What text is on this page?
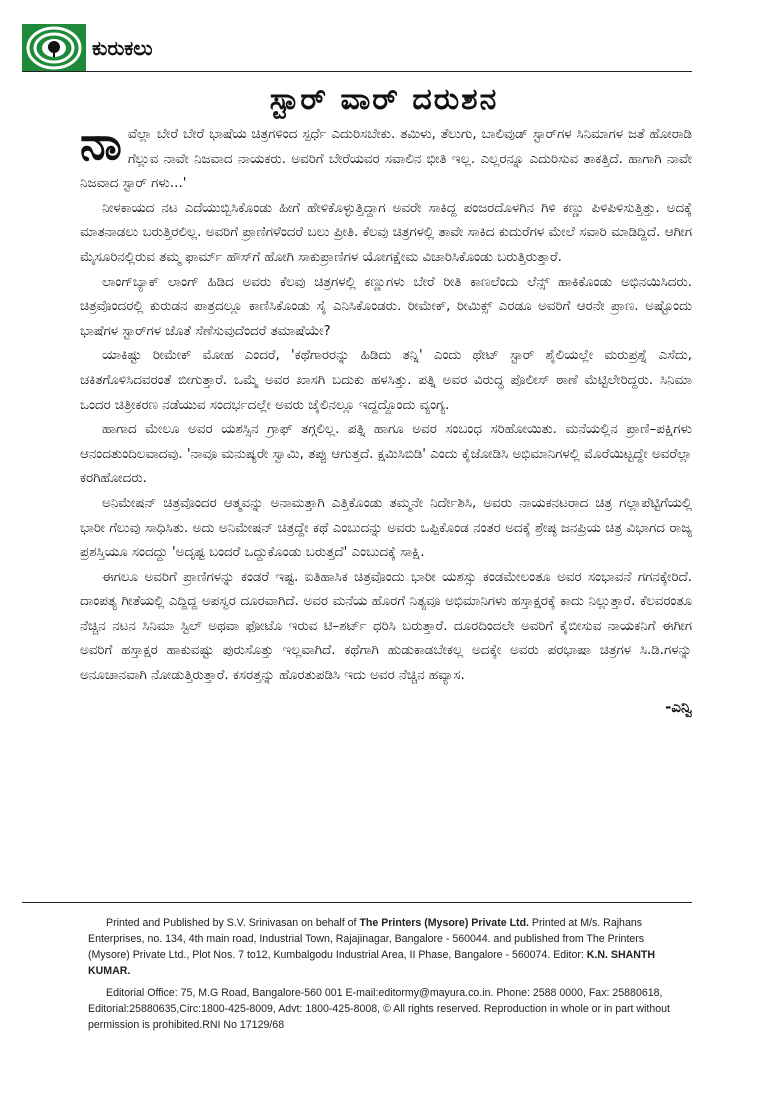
ಕುರುಕಲು
ಸ್ಟಾರ್ ವಾರ್ ದರುಶನ

ನಾವೆಲ್ಲಾ ಬೇರೆ ಬೇರೆ ಭಾಷೆಯ ಚಿತ್ರಗಳಿಂದ ಸ್ಪರ್ಧೆ ಎದುರಿಸಬೇಕು. ತಮಿಳು, ತೆಲುಗು, ಬಾಲಿವುಡ್ ಸ್ಟಾರ್‌ಗಳ ಸಿನಿಮಾಗಳ ಜತೆ ಹೋರಾಡಿ ಗೆಲ್ಲುವ ನಾವೇ ನಿಜವಾದ ನಾಯಕರು. ಅವರಿಗೆ ಬೇರೆಯವರ ಸವಾಲಿನ ಭೀತಿ ಇಲ್ಲ. ಎಲ್ಲರನ್ನೂ ಎದುರಿಸುವ ತಾಕತ್ತಿದೆ. ಹಾಗಾಗಿ ನಾವೇ ನಿಜವಾದ ಸ್ಟಾರ್ ಗಳು...'

ನೀಳಕಾಯದ ನಟ ಎದೆಯುಬ್ಬಿಸಿಕೊಂಡು ಹೀಗೆ ಹೇಳಿಕೊಳ್ಳುತ್ತಿದ್ದಾಗ ಅವರೇ ಸಾಕಿದ್ದ ಪಂಜರದೊಳಗಿನ ಗಿಳಿ ಕಣ್ಣು ಪಿಳಿಪಿಳಿಸುತ್ತಿತ್ತು. ಅದಕ್ಕೆ ಮಾತನಾಡಲು ಬರುತ್ತಿರಲಿಲ್ಲ. ಅವರಿಗೆ ಪ್ರಾಣಿಗಳೆಂದರೆ ಬಲು ಪ್ರೀತಿ. ಕೆಲವು ಚಿತ್ರಗಳಲ್ಲಿ ತಾವೇ ಸಾಕಿದ ಕುದುರೆಗಳ ಮೇಲೆ ಸವಾರಿ ಮಾಡಿದ್ದಿದೆ. ಆಗೀಗ ಮೈಸೂರಿನಲ್ಲಿರುವ ತಮ್ಮ ಫಾರ್ಮ್ ಹೌಸ್‌ಗೆ ಹೋಗಿ ಸಾಕುಪ್ರಾಣಿಗಳ ಯೋಗಕ್ಷೇಮ ವಿಚಾರಿಸಿಕೊಂಡು ಬರುತ್ತಿರುತ್ತಾರೆ.

ಲಾಂಗ್‌ಬ್ಯಾಕ್ ಲಾಂಗ್ ಹಿಡಿದ ಅವರು ಕೆಲವು ಚಿತ್ರಗಳಲ್ಲಿ ಕಣ್ಣುಗಳು ಬೇರೆ ರೀತಿ ಕಾಣಲೆಂದು ಲೆನ್ಸ್ ಹಾಕಿಕೊಂಡು ಅಭಿನಯಿಸಿದರು. ಚಿತ್ರವೊಂದರಲ್ಲಿ ಕುರುಡನ ಪಾತ್ರದಲ್ಲೂ ಕಾಣಿಸಿಕೊಂಡು ಸೈ ಎನಿಸಿಕೊಂಡರು. ರೀಮೇಕ್, ರೀಮಿಕ್ಸ್ ಎರಡೂ ಅವರಿಗೆ ಆರನೇ ಪ್ರಾಣ. ಅಷ್ಟೊಂದು ಭಾಷೆಗಳ ಸ್ಟಾರ್‌ಗಳ ಜೊತೆ ಸೆಣೆಸುವುದೆಂದರೆ ತಮಾಷೆಯೇ?

ಯಾಕಿಷ್ಟು ರೀಮೇಕ್ ಮೋಹ ಎಂದರೆ, 'ಕಥೆಗಾರರನ್ನು ಹಿಡಿದು ತನ್ನಿ' ಎಂದು ಥೇಟ್ ಸ್ಟಾರ್ ಶೈಲಿಯಲ್ಲೇ ಮರುಪ್ರಶ್ನೆ ಎಸೆದು, ಚಕಿತಗೊಳಿಸಿದವರಂತೆ ಬೀಗುತ್ತಾರೆ. ಒಮ್ಮೆ ಅವರ ಖಾಸಗಿ ಬದುಕು ಹಳಸಿತ್ತು. ಪತ್ನಿ ಅವರ ವಿರುದ್ಧ ಪೊಲೀಸ್ ಠಾಣೆ ಮೆಟ್ಟಿಲೇರಿದ್ದರು. ಸಿನಿಮಾ ಒಂದರ ಚಿತ್ರೀಕರಣ ನಡೆಯುವ ಸಂದರ್ಭದಲ್ಲೇ ಅವರು ಜೈಲಿನಲ್ಲೂ ಇದ್ದದ್ದೊಂದು ವ್ಯಂಗ್ಯ.

ಹಾಗಾದ ಮೇಲೂ ಅವರ ಯಶಸ್ಸಿನ ಗ್ರಾಫ್ ತಗ್ಗಲಿಲ್ಲ. ಪತ್ನಿ ಹಾಗೂ ಅವರ ಸಂಬಂಧ ಸರಿಹೋಯಿತು. ಮನೆಯಲ್ಲಿನ ಪ್ರಾಣಿ–ಪಕ್ಷಿಗಳು ಆನಂದತುಂದಿಲವಾದವು. 'ನಾವೂ ಮನುಷ್ಯರೇ ಸ್ವಾಮಿ, ತಪ್ಪು ಆಗುತ್ತದೆ. ಕ್ಷಮಿಸಿಬಿಡಿ' ಎಂದು ಕೈಜೋಡಿಸಿ ಅಭಿಮಾನಿಗಳಲ್ಲಿ ಮೊರೆಯಿಟ್ಟದ್ದೇ ಅವರೆಲ್ಲಾ ಕರಗಿಹೋದರು.

ಅನಿಮೇಷನ್ ಚಿತ್ರವೊಂದರ ಆತ್ಮವನ್ನು ಅನಾಮತ್ತಾಗಿ ಎತ್ತಿಕೊಂಡು ತಮ್ಮನೇ ನಿರ್ದೇಶಿಸಿ, ಅವರು ನಾಯಕನಟರಾದ ಚಿತ್ರ ಗಲ್ಲಾಪೆಟ್ಟಿಗೆಯಲ್ಲಿ ಭಾರೀ ಗೆಲುವು ಸಾಧಿಸಿತು. ಅದು ಅನಿಮೇಷನ್ ಚಿತ್ರದ್ದೇ ಕಥೆ ಎಂಬುದನ್ನು ಅವರು ಒಪ್ಪಿಕೊಂಡ ನಂತರ ಅದಕ್ಕೆ ಶ್ರೇಷ್ಠ ಜನಪ್ರಿಯ ಚಿತ್ರ ವಿಭಾಗದ ರಾಜ್ಯ ಪ್ರಶಸ್ತಿಯೂ ಸಂದದ್ದು 'ಅದೃಷ್ಟ ಬಂದರೆ ಒದ್ದುಕೊಂಡು ಬರುತ್ತದೆ' ಎಂಬುದಕ್ಕೆ ಸಾಕ್ಷಿ.

ಈಗಲೂ ಅವರಿಗೆ ಪ್ರಾಣಿಗಳನ್ನು ಕಂಡರೆ ಇಷ್ಟ. ಐತಿಹಾಸಿಕ ಚಿತ್ರವೊಂದು ಭಾರೀ ಯಶಸ್ಸು ಕಂಡಮೇಲಂತೂ ಅವರ ಸಂಭಾವನೆ ಗಗನಕ್ಕೇರಿದೆ. ದಾಂಪತ್ಯ ಗೀತೆಯಲ್ಲಿ ಎದ್ದಿದ್ದ ಅಪಸ್ವರ ದೂರವಾಗಿದೆ. ಅವರ ಮನೆಯ ಹೊರಗೆ ನಿತ್ಯವೂ ಅಭಿಮಾನಿಗಳು ಹಸ್ತಾಕ್ಷರಕ್ಕೆ ಕಾದು ನಿಲ್ಲುತ್ತಾರೆ. ಕೆಲವರಂತೂ ನೆಚ್ಚಿನ ನಟನ ಸಿನಿಮಾ ಸ್ಟಿಲ್ ಅಥವಾ ಫೋಟೊ ಇರುವ ಟಿ–ಶರ್ಟ್ ಧರಿಸಿ ಬರುತ್ತಾರೆ. ದೂರದಿಂದಲೇ ಅವರಿಗೆ ಕೈಬೀಸುವ ನಾಯಕನಿಗೆ ಈಗೀಗ ಅವರಿಗೆ ಹಸ್ತಾಕ್ಷರ ಹಾಕುವಷ್ಟು ಪುರುಸೊತ್ತು ಇಲ್ಲವಾಗಿದೆ. ಕಥೆಗಾಗಿ ಹುಡುಕಾಡಬೇಕಲ್ಲ ಅದಕ್ಕೇ ಅವರು ಪರಭಾಷಾ ಚಿತ್ರಗಳ ಸಿ.ಡಿ.ಗಳನ್ನು ಅನೂಚಾನವಾಗಿ ನೋಡುತ್ತಿರುತ್ತಾರೆ. ಕಸರತ್ತನ್ನು ಹೊರತುಪಡಿಸಿ ಇದು ಅವರ ನೆಚ್ಚಿನ ಹವ್ಯಾಸ.

-ಎನ್ವಿ

Printed and Published by S.V. Srinivasan on behalf of The Printers (Mysore) Private Ltd. Printed at M/s. Rajhans Enterprises, no. 134, 4th main road, Industrial Town, Rajajinagar, Bangalore - 560044. and published from The Printers (Mysore) Private Ltd., Plot Nos. 7 to12, Kumbalgodu Industrial Area, II Phase, Bangalore - 560074. Editor: K.N. SHANTH KUMAR.

Editorial Office: 75, M.G Road, Bangalore-560 001 E-mail:editormy@mayura.co.in. Phone: 2588 0000, Fax: 25880618, Editorial:25880635,Circ:1800-425-8009, Advt: 1800-425-8008, © All rights reserved. Reproduction in whole or in part without permission is prohibited.RNI No 17129/68
